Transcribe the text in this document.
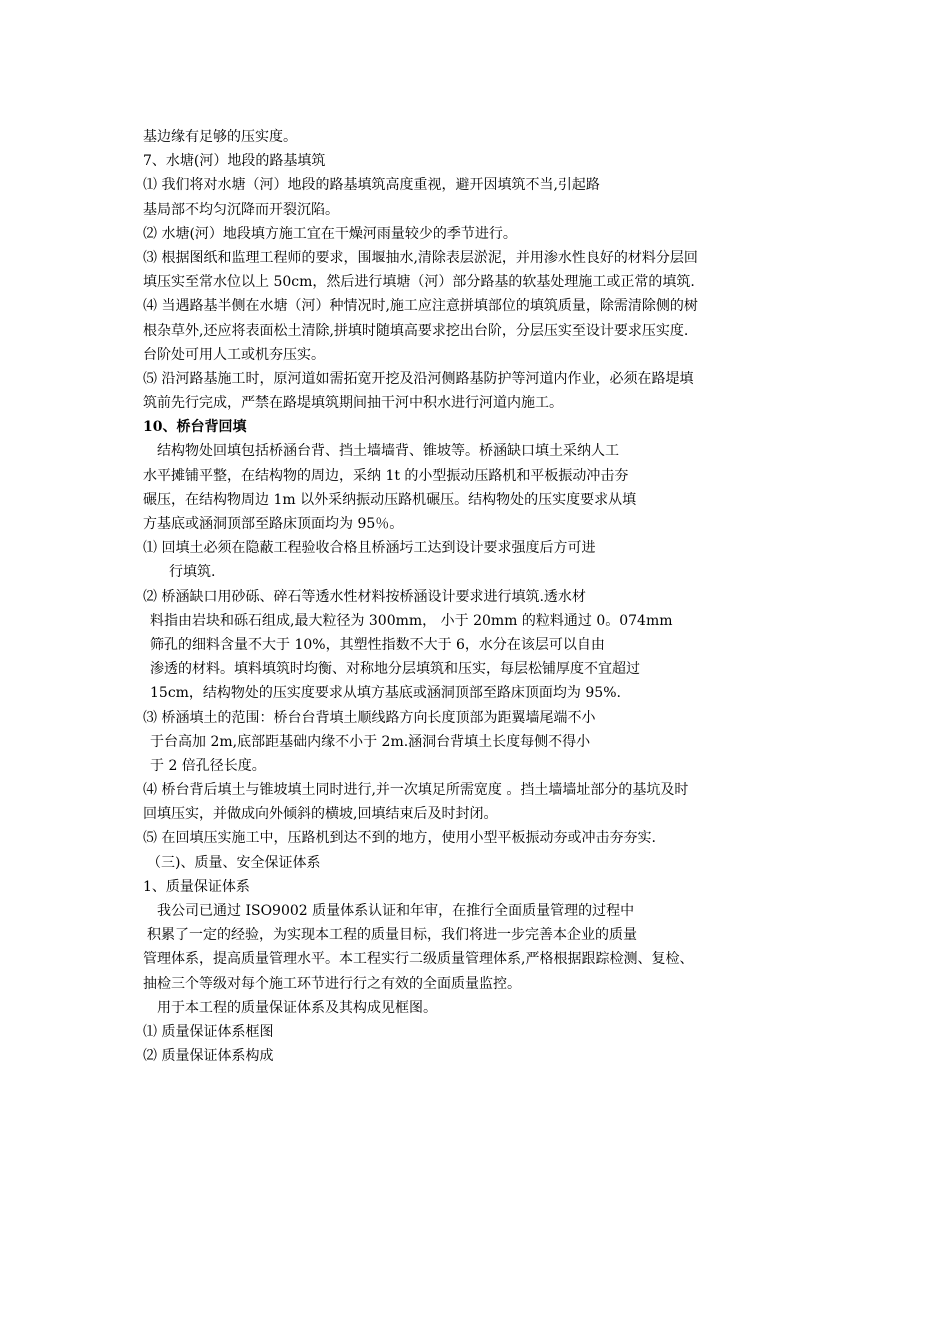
基边缘有足够的压实度。
7、水塘(河）地段的路基填筑
⑴ 我们将对水塘（河）地段的路基填筑高度重视，避开因填筑不当,引起路
基局部不均匀沉降而开裂沉陷。
⑵ 水塘(河）地段填方施工宜在干燥河雨量较少的季节进行。
⑶ 根据图纸和监理工程师的要求，围堰抽水,清除表层淤泥，并用渗水性良好的材料分层回
填压实至常水位以上 50cm，然后进行填塘（河）部分路基的软基处理施工或正常的填筑.
⑷ 当遇路基半侧在水塘（河）种情况时,施工应注意拼填部位的填筑质量，除需清除侧的树
根杂草外,还应将表面松土清除,拼填时随填高要求挖出台阶，分层压实至设计要求压实度.
台阶处可用人工或机夯压实。
⑸ 沿河路基施工时，原河道如需拓宽开挖及沿河侧路基防护等河道内作业，必须在路堤填
筑前先行完成，严禁在路堤填筑期间抽干河中积水进行河道内施工。
10、桥台背回填
结构物处回填包括桥涵台背、挡土墙墙背、锥坡等。桥涵缺口填土采纳人工
水平摊铺平整，在结构物的周边，采纳 1t 的小型振动压路机和平板振动冲击夯
碾压，在结构物周边 1m 以外采纳振动压路机碾压。结构物处的压实度要求从填
方基底或涵洞顶部至路床顶面均为 95％。
⑴ 回填土必须在隐蔽工程验收合格且桥涵圬工达到设计要求强度后方可进
行填筑.
⑵ 桥涵缺口用砂砾、碎石等透水性材料按桥涵设计要求进行填筑.透水材
料指由岩块和砾石组成,最大粒径为 300mm， 小于 20mm 的粒料通过 0。074mm
筛孔的细料含量不大于 10%，其塑性指数不大于 6，水分在该层可以自由
渗透的材料。填料填筑时均衡、对称地分层填筑和压实，每层松铺厚度不宜超过
15cm，结构物处的压实度要求从填方基底或涵洞顶部至路床顶面均为 95%.
⑶ 桥涵填土的范围：桥台台背填土顺线路方向长度顶部为距翼墙尾端不小
于台高加 2m,底部距基础内缘不小于 2m.涵洞台背填土长度每侧不得小
于 2 倍孔径长度。
⑷ 桥台背后填土与锥坡填土同时进行,并一次填足所需宽度 。挡土墙墙址部分的基坑及时
回填压实，并做成向外倾斜的横坡,回填结束后及时封闭。
⑸ 在回填压实施工中，压路机到达不到的地方，使用小型平板振动夯或冲击夯夯实.
（三)、质量、安全保证体系
1、质量保证体系
我公司已通过 ISO9002 质量体系认证和年审，在推行全面质量管理的过程中
积累了一定的经验，为实现本工程的质量目标，我们将进一步完善本企业的质量
管理体系，提高质量管理水平。本工程实行二级质量管理体系,严格根据跟踪检测、复检、
抽检三个等级对每个施工环节进行行之有效的全面质量监控。
用于本工程的质量保证体系及其构成见框图。
⑴ 质量保证体系框图
⑵ 质量保证体系构成
